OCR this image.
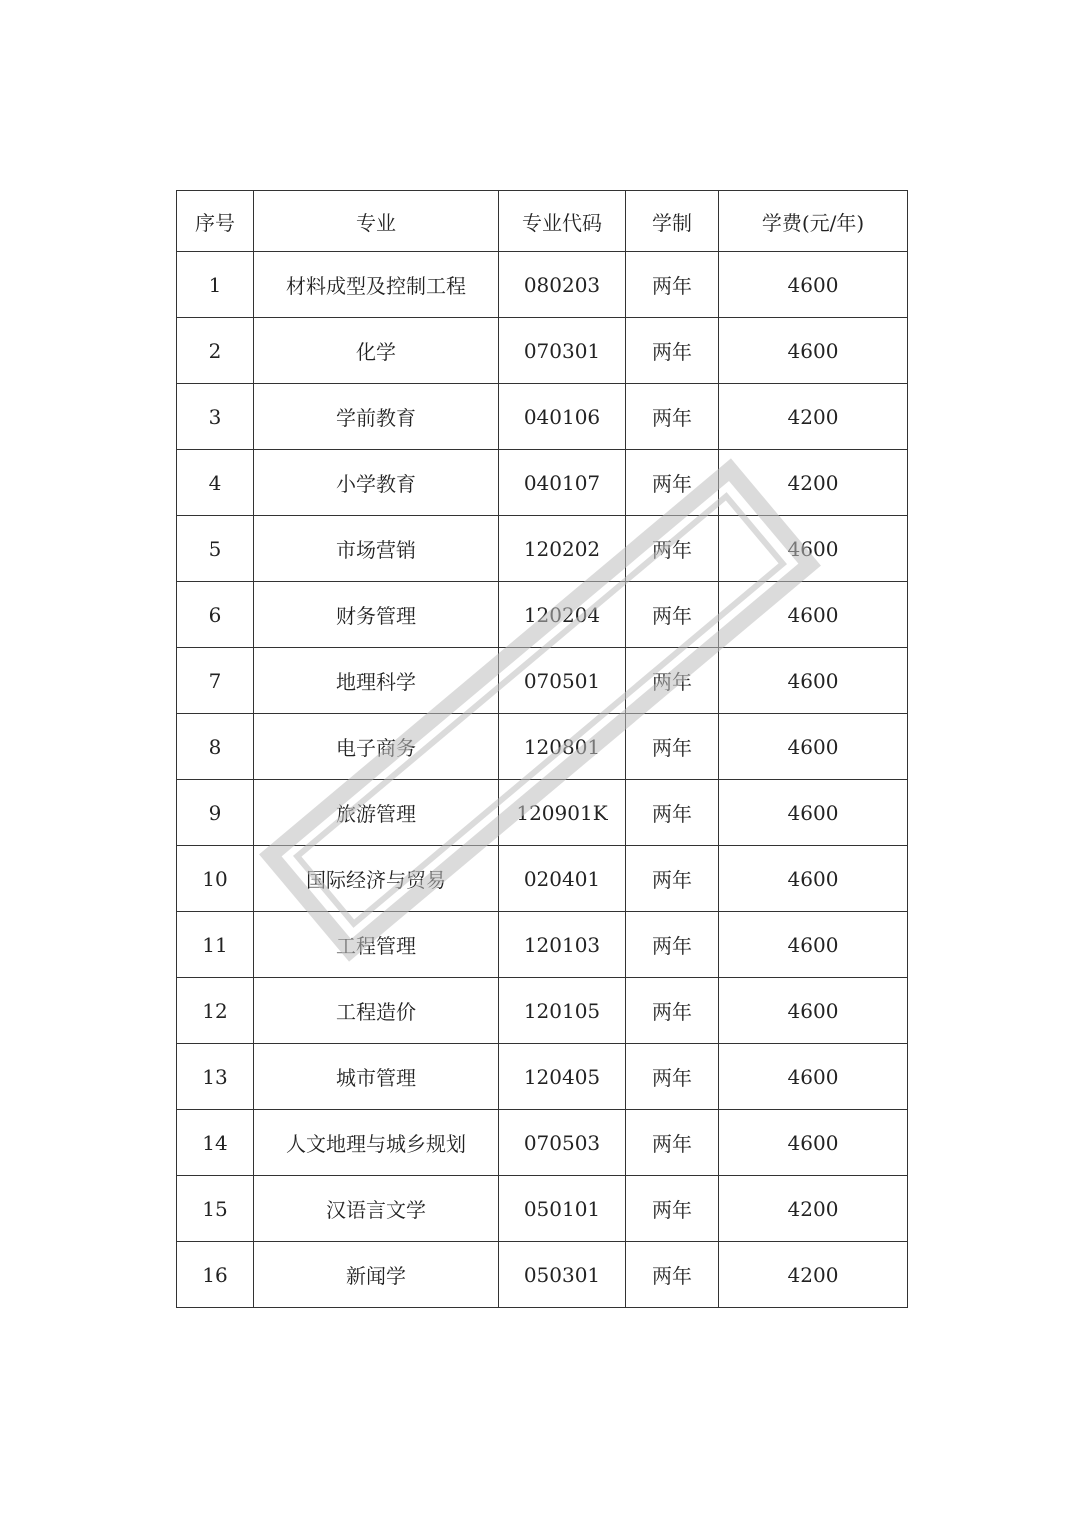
序号	专业	专业代码	学制	学费(元/年)
1	材料成型及控制工程	080203	两年	4600
2	化学	070301	两年	4600
3	学前教育	040106	两年	4200
4	小学教育	040107	两年	4200
5	市场营销	120202	两年	4600
6	财务管理	120204	两年	4600
7	地理科学	070501	两年	4600
8	电子商务	120801	两年	4600
9	旅游管理	120901K	两年	4600
10	国际经济与贸易	020401	两年	4600
11	工程管理	120103	两年	4600
12	工程造价	120105	两年	4600
13	城市管理	120405	两年	4600
14	人文地理与城乡规划	070503	两年	4600
15	汉语言文学	050101	两年	4200
16	新闻学	050301	两年	4200
